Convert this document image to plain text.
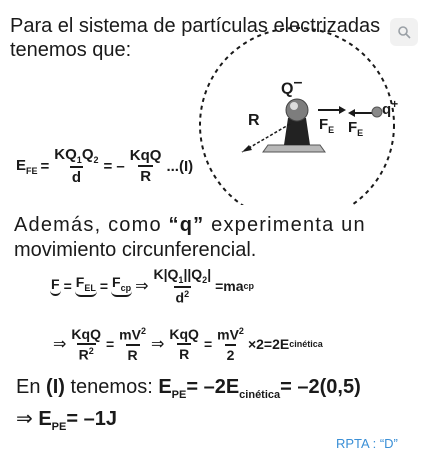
Para el sistema de partículas electrizadas
tenemos que:
Q–
q+
R	$F_E$ $F_E$
$E_{FE} = \frac{KQ_1Q_2}{d}$ = – $\frac{\text{KqQ}}{R} ...(I)$
Además, como “q” experimenta un
movimiento circunferencial.
$F = F_{EL} = F_{cp}$ ⇒ $\frac{K|Q_1||Q_2|}{d^2} =ma$ cp
⇒ $\frac{\text{KqQ}}{R^2} = \frac{mV^2}{R}$ ⇒ $\frac{\text{KqQ}}{R} = \frac{mV^2}{2} \times 2=2E$ cinética
En (I) tenemos: $E_{PE}= -2E_{cinética}= -2(0,5)$
⇒ $E_{PE}= -1J$
RPTA : “D”
